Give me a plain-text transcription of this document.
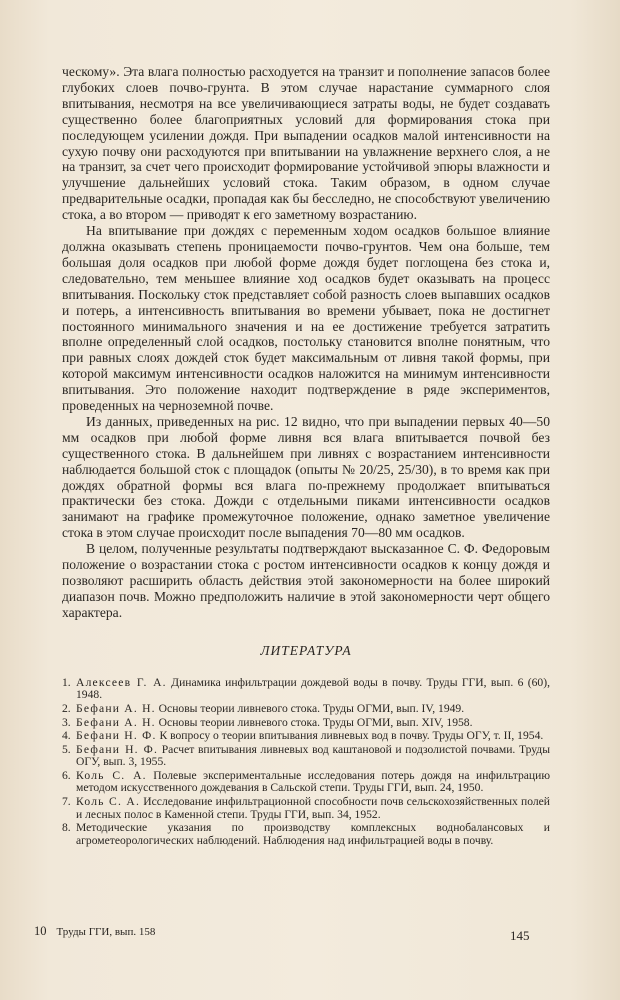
ческому». Эта влага полностью расходуется на транзит и пополнение запасов более глубоких слоев почво-грунта. В этом случае нарастание суммарного слоя впитывания, несмотря на все увеличивающиеся затраты воды, не будет создавать существенно более благоприятных условий для формирования стока при последующем усилении дождя. При выпадении осадков малой интенсивности на сухую почву они расходуются при впитывании на увлажнение верхнего слоя, а не на транзит, за счет чего происходит формирование устойчивой эпюры влажности и улучшение дальнейших условий стока. Таким образом, в одном случае предварительные осадки, пропадая как бы бесследно, не способствуют увеличению стока, а во втором — приводят к его заметному возрастанию.

На впитывание при дождях с переменным ходом осадков большое влияние должна оказывать степень проницаемости почво-грунтов. Чем она больше, тем большая доля осадков при любой форме дождя будет поглощена без стока и, следовательно, тем меньшее влияние ход осадков будет оказывать на процесс впитывания. Поскольку сток представляет собой разность слоев выпавших осадков и потерь, а интенсивность впитывания во времени убывает, пока не достигнет постоянного минимального значения и на ее достижение требуется затратить вполне определенный слой осадков, постольку становится вполне понятным, что при равных слоях дождей сток будет максимальным от ливня такой формы, при которой максимум интенсивности осадков наложится на минимум интенсивности впитывания. Это положение находит подтверждение в ряде экспериментов, проведенных на черноземной почве.

Из данных, приведенных на рис. 12 видно, что при выпадении первых 40—50 мм осадков при любой форме ливня вся влага впитывается почвой без существенного стока. В дальнейшем при ливнях с возрастанием интенсивности наблюдается большой сток с площадок (опыты № 20/25, 25/30), в то время как при дождях обратной формы вся влага по-прежнему продолжает впитываться практически без стока. Дожди с отдельными пиками интенсивности осадков занимают на графике промежуточное положение, однако заметное увеличение стока в этом случае происходит после выпадения 70—80 мм осадков.

В целом, полученные результаты подтверждают высказанное С. Ф. Федоровым положение о возрастании стока с ростом интенсивности осадков к концу дождя и позволяют расширить область действия этой закономерности на более широкий диапазон почв. Можно предположить наличие в этой закономерности черт общего характера.

ЛИТЕРАТУРА
1. Алексеев Г. А. Динамика инфильтрации дождевой воды в почву. Труды ГГИ, вып. 6 (60), 1948.
2. Бефани А. Н. Основы теории ливневого стока. Труды ОГМИ, вып. IV, 1949.
3. Бефани А. Н. Основы теории ливневого стока. Труды ОГМИ, вып. XIV, 1958.
4. Бефани Н. Ф. К вопросу о теории впитывания ливневых вод в почву. Труды ОГУ, т. II, 1954.
5. Бефани Н. Ф. Расчет впитывания ливневых вод каштановой и подзолистой почвами. Труды ОГУ, вып. 3, 1955.
6. Коль С. А. Полевые экспериментальные исследования потерь дождя на инфильтрацию методом искусственного дождевания в Сальской степи. Труды ГГИ, вып. 24, 1950.
7. Коль С. А. Исследование инфильтрационной способности почв сельскохозяйственных полей и лесных полос в Каменной степи. Труды ГГИ, вып. 34, 1952.
8. Методические указания по производству комплексных воднобалансовых и агрометеорологических наблюдений. Наблюдения над инфильтрацией воды в почву.
10 Труды ГГИ, вып. 158	145
